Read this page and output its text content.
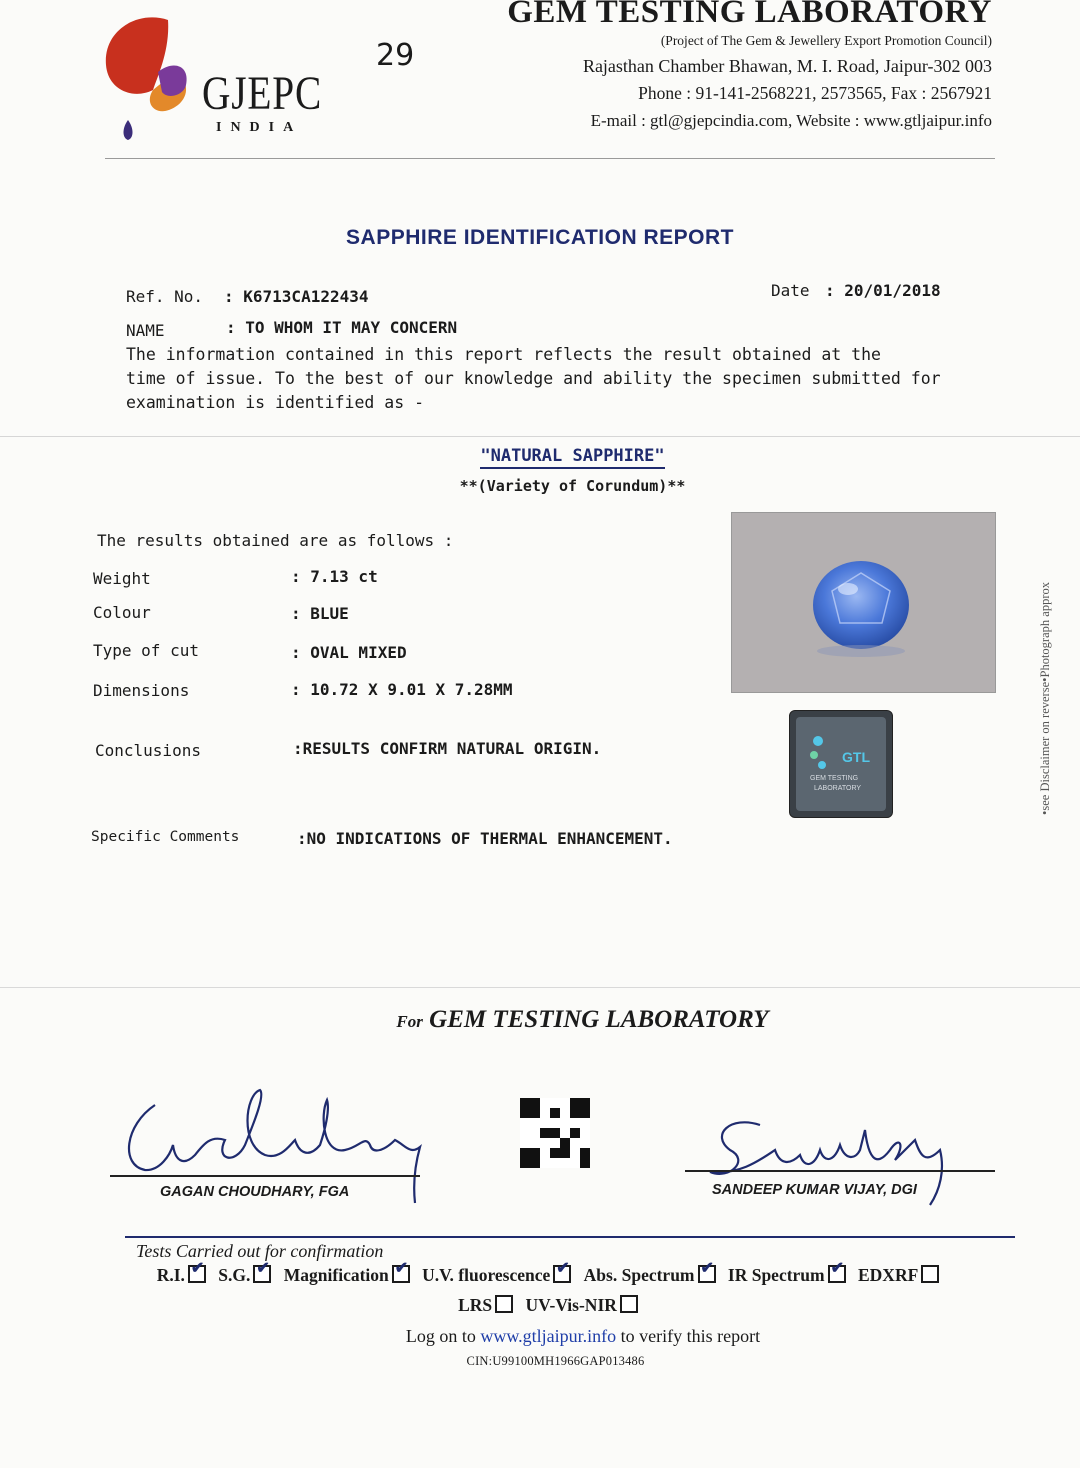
GJEPC
INDIA
29
GEM TESTING LABORATORY
(Project of The Gem & Jewellery Export Promotion Council)
Rajasthan Chamber Bhawan, M. I. Road, Jaipur-302 003
Phone : 91-141-2568221, 2573565, Fax : 2567921
E-mail : gtl@gjepcindia.com, Website : www.gtljaipur.info
SAPPHIRE IDENTIFICATION REPORT
Ref. No. : K6713CA122434	Date : 20/01/2018
NAME	: TO WHOM IT MAY CONCERN
The information contained in this report reflects the result obtained at the
time of issue. To the best of our knowledge and ability the specimen submitted for
examination is identified as -
"NATURAL SAPPHIRE"
**(Variety of Corundum)**
The results obtained are as follows :
Weight	: 7.13 ct
Colour	: BLUE
Type of cut	: OVAL MIXED
Dimensions	: 10.72 X 9.01 X 7.28MM
Conclusions	:RESULTS CONFIRM NATURAL ORIGIN.
Specific Comments	:NO INDICATIONS OF THERMAL ENHANCEMENT.
GTL
GEM TESTING
LABORATORY	•see Disclaimer on reverse•Photograph approx
For GEM TESTING LABORATORY
GAGAN CHOUDHARY, FGA	SANDEEP KUMAR VIJAY, DGI
Tests Carried out for confirmation
R.I. ✔ S.G. ✔ Magnification ✔ U.V. fluorescence ✔ Abs. Spectrum ✔ IR Spectrum ✔ EDXRF
LRS UV-Vis-NIR
Log on to www.gtljaipur.info to verify this report
CIN:U99100MH1966GAP013486
